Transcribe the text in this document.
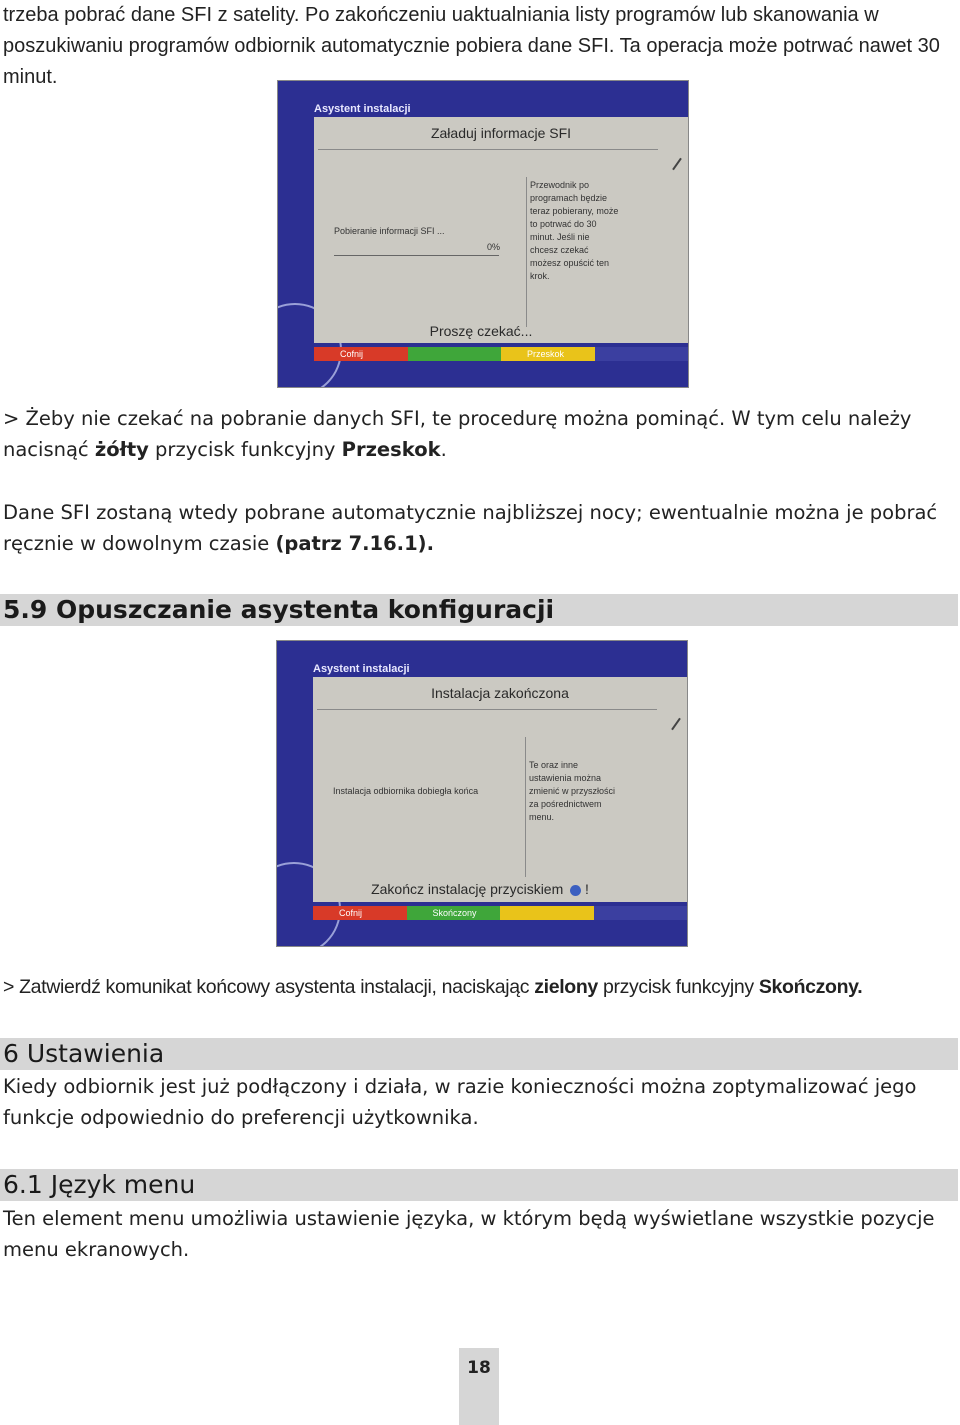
trzeba pobrać dane SFI z satelity. Po zakończeniu uaktualniania listy programów lub skanowania w poszukiwaniu programów odbiornik automatycznie pobiera dane SFI. Ta operacja może potrwać nawet 30 minut.
Asystent instalacji
Załaduj informacje SFI
Pobieranie informacji SFI ...
0%
Przewodnik po
programach będzie
teraz pobierany, może
to potrwać do 30
minut. Jeśli nie
chcesz czekać
możesz opuścić ten
krok.
Proszę czekać...
Cofnij	Przeskok
> Żeby nie czekać na pobranie danych SFI, te procedurę można pominąć. W tym celu należy nacisnąć żółty przycisk funkcyjny Przeskok.
Dane SFI zostaną wtedy pobrane automatycznie najbliższej nocy; ewentualnie można je pobrać ręcznie w dowolnym czasie (patrz 7.16.1).
5.9 Opuszczanie asystenta konfiguracji
Asystent instalacji
Instalacja zakończona
Instalacja odbiornika dobiegła końca
Te oraz inne
ustawienia można
zmienić w przyszłości
za pośrednictwem
menu.
Zakończ instalację przyciskiem !
Cofnij	Skończony
> Zatwierdź komunikat końcowy asystenta instalacji, naciskając zielony przycisk funkcyjny Skończony.
6 Ustawienia
Kiedy odbiornik jest już podłączony i działa, w razie konieczności można zoptymalizować jego funkcje odpowiednio do preferencji użytkownika.
6.1 Język menu
Ten element menu umożliwia ustawienie języka, w którym będą wyświetlane wszystkie pozycje menu ekranowych.
18
